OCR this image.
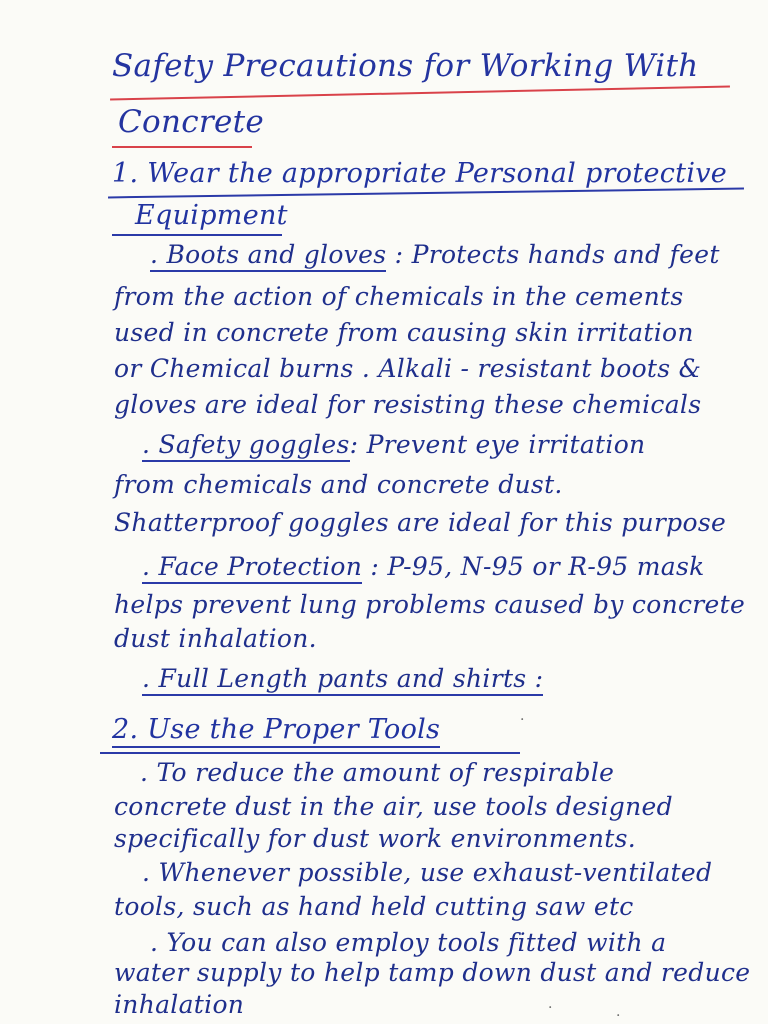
Safety Precautions for Working With
Concrete
1. Wear the appropriate Personal protective
Equipment
. Boots and gloves : Protects hands and feet
from the action of chemicals in the cements
used in concrete from causing skin irritation
or Chemical burns . Alkali - resistant boots &
gloves are ideal for resisting these chemicals
. Safety goggles: Prevent eye irritation
from chemicals and concrete dust.
Shatterproof goggles are ideal for this purpose
. Face Protection : P-95, N-95 or R-95 mask
helps prevent lung problems caused by concrete
dust inhalation.
. Full Length pants and shirts :
2. Use the Proper Tools
. To reduce the amount of respirable
concrete dust in the air, use tools designed
specifically for dust work environments.
. Whenever possible, use exhaust-ventilated
tools, such as hand held cutting saw etc
. You can also employ tools fitted with a
water supply to help tamp down dust and reduce
inhalation
·
·	·
